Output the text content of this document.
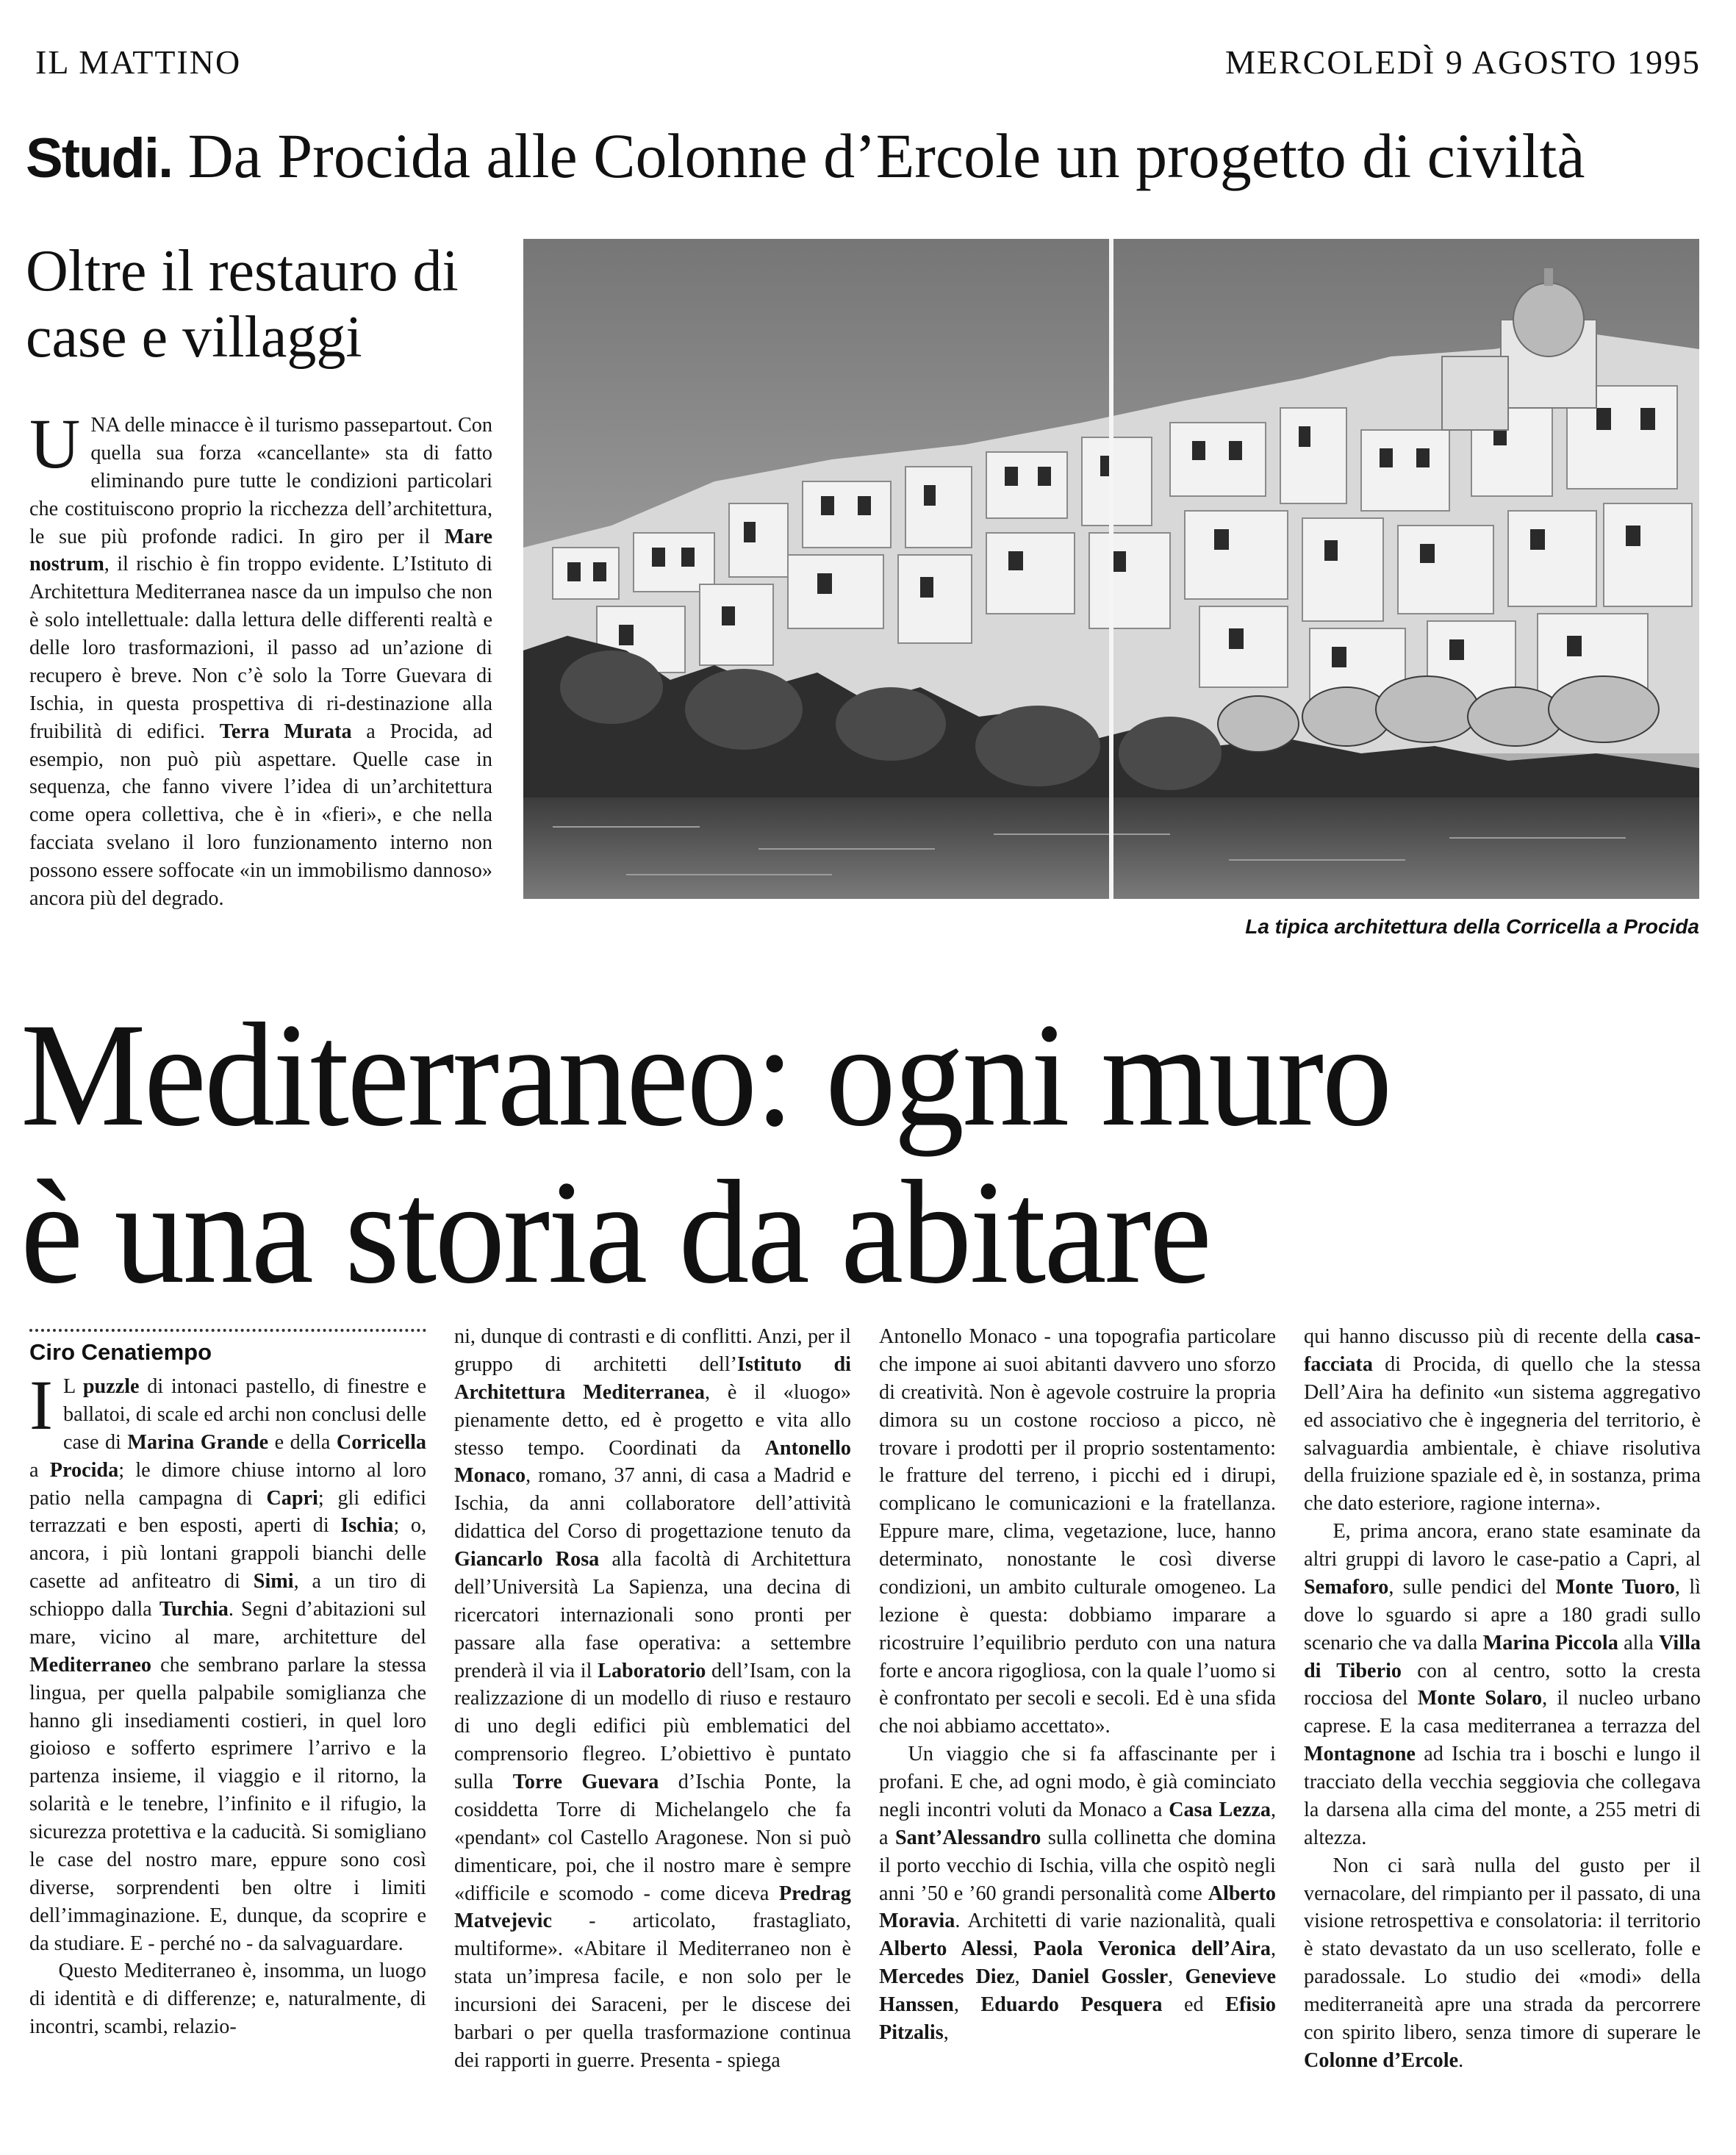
IL MATTINO	MERCOLEDÌ 9 AGOSTO 1995
Studi. Da Procida alle Colonne d’Ercole un progetto di civiltà
Oltre il restauro di case e villaggi
U NA delle minacce è il turismo passepartout. Con quella sua forza «cancellante» sta di fatto eliminando pure tutte le condizioni particolari che costituiscono proprio la ricchezza dell’architettura, le sue più profonde radici. In giro per il Mare nostrum, il rischio è fin troppo evidente. L’Istituto di Architettura Mediterranea nasce da un impulso che non è solo intellettuale: dalla lettura delle differenti realtà e delle loro trasformazioni, il passo ad un’azione di recupero è breve. Non c’è solo la Torre Guevara di Ischia, in questa prospettiva di ri-destinazione alla fruibilità di edifici. Terra Murata a Procida, ad esempio, non può più aspettare. Quelle case in sequenza, che fanno vivere l’idea di un’architettura come opera collettiva, che è in «fieri», e che nella facciata svelano il loro funzionamento interno non possono essere soffocate «in un immobilismo dannoso» ancora più del degrado.

La tipica architettura della Corricella a Procida
Mediterraneo: ogni muro
è una storia da abitare
Ciro Cenatiempo
I L puzzle di intonaci pastello, di finestre e ballatoi, di scale ed archi non conclusi delle case di Marina Grande e della Corricella a Procida; le dimore chiuse intorno al loro patio nella campagna di Capri; gli edifici terrazzati e ben esposti, aperti di Ischia; o, ancora, i più lontani grappoli bianchi delle casette ad anfiteatro di Simi, a un tiro di schioppo dalla Turchia. Segni d’abitazioni sul mare, vicino al mare, architetture del Mediterraneo che sembrano parlare la stessa lingua, per quella palpabile somiglianza che hanno gli insediamenti costieri, in quel loro gioioso e sofferto esprimere l’arrivo e la partenza insieme, il viaggio e il ritorno, la solarità e le tenebre, l’infinito e il rifugio, la sicurezza protettiva e la caducità. Si somigliano le case del nostro mare, eppure sono così diverse, sorprendenti ben oltre i limiti dell’immaginazione. E, dunque, da scoprire e da studiare. E - perché no - da salvaguardare.

Questo Mediterraneo è, insomma, un luogo di identità e di differenze; e, naturalmente, di incontri, scambi, relazio-

ni, dunque di contrasti e di conflitti. Anzi, per il gruppo di architetti dell’Istituto di Architettura Mediterranea, è il «luogo» pienamente detto, ed è progetto e vita allo stesso tempo. Coordinati da Antonello Monaco, romano, 37 anni, di casa a Madrid e Ischia, da anni collaboratore dell’attività didattica del Corso di progettazione tenuto da Giancarlo Rosa alla facoltà di Architettura dell’Università La Sapienza, una decina di ricercatori internazionali sono pronti per passare alla fase operativa: a settembre prenderà il via il Laboratorio dell’Isam, con la realizzazione di un modello di riuso e restauro di uno degli edifici più emblematici del comprensorio flegreo. L’obiettivo è puntato sulla Torre Guevara d’Ischia Ponte, la cosiddetta Torre di Michelangelo che fa «pendant» col Castello Aragonese. Non si può dimenticare, poi, che il nostro mare è sempre «difficile e scomodo - come diceva Predrag Matvejevic - articolato, frastagliato, multiforme». «Abitare il Mediterraneo non è stata un’impresa facile, e non solo per le incursioni dei Saraceni, per le discese dei barbari o per quella trasformazione continua dei rapporti in guerre. Presenta - spiega

Antonello Monaco - una topografia particolare che impone ai suoi abitanti davvero uno sforzo di creatività. Non è agevole costruire la propria dimora su un costone roccioso a picco, nè trovare i prodotti per il proprio sostentamento: le fratture del terreno, i picchi ed i dirupi, complicano le comunicazioni e la fratellanza. Eppure mare, clima, vegetazione, luce, hanno determinato, nonostante le così diverse condizioni, un ambito culturale omogeneo. La lezione è questa: dobbiamo imparare a ricostruire l’equilibrio perduto con una natura forte e ancora rigogliosa, con la quale l’uomo si è confrontato per secoli e secoli. Ed è una sfida che noi abbiamo accettato».

Un viaggio che si fa affascinante per i profani. E che, ad ogni modo, è già cominciato negli incontri voluti da Monaco a Casa Lezza, a Sant’Alessandro sulla collinetta che domina il porto vecchio di Ischia, villa che ospitò negli anni ’50 e ’60 grandi personalità come Alberto Moravia. Architetti di varie nazionalità, quali Alberto Alessi, Paola Veronica dell’Aira, Mercedes Diez, Daniel Gossler, Genevieve Hanssen, Eduardo Pesquera ed Efisio Pitzalis,

qui hanno discusso più di recente della casa-facciata di Procida, di quello che la stessa Dell’Aira ha definito «un sistema aggregativo ed associativo che è ingegneria del territorio, è salvaguardia ambientale, è chiave risolutiva della fruizione spaziale ed è, in sostanza, prima che dato esteriore, ragione interna».

E, prima ancora, erano state esaminate da altri gruppi di lavoro le case-patio a Capri, al Semaforo, sulle pendici del Monte Tuoro, lì dove lo sguardo si apre a 180 gradi sullo scenario che va dalla Marina Piccola alla Villa di Tiberio con al centro, sotto la cresta rocciosa del Monte Solaro, il nucleo urbano caprese. E la casa mediterranea a terrazza del Montagnone ad Ischia tra i boschi e lungo il tracciato della vecchia seggiovia che collegava la darsena alla cima del monte, a 255 metri di altezza.

Non ci sarà nulla del gusto per il vernacolare, del rimpianto per il passato, di una visione retrospettiva e consolatoria: il territorio è stato devastato da un uso scellerato, folle e paradossale. Lo studio dei «modi» della mediterraneità apre una strada da percorrere con spirito libero, senza timore di superare le Colonne d’Ercole.
